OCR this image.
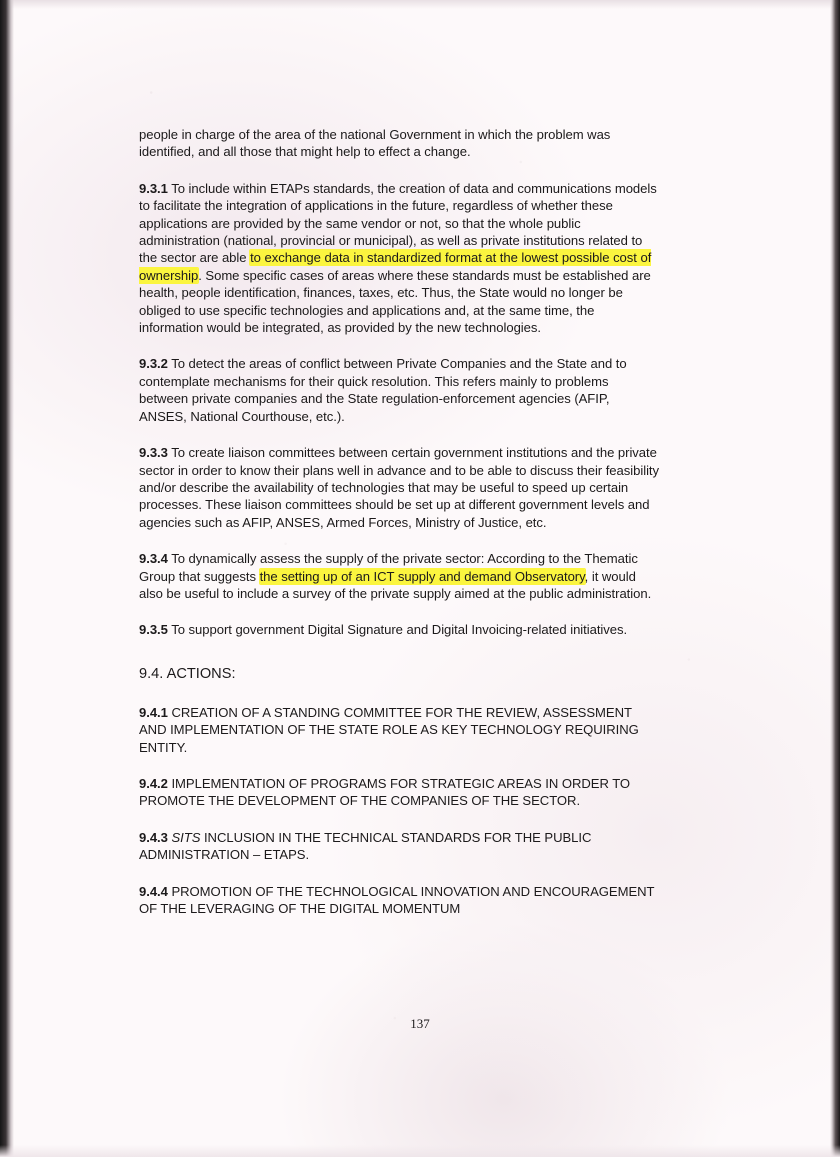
people in charge of the area of the national Government in which the problem was identified, and all those that might help to effect a change.

9.3.1 To include within ETAPs standards, the creation of data and communications models to facilitate the integration of applications in the future, regardless of whether these applications are provided by the same vendor or not, so that the whole public administration (national, provincial or municipal), as well as private institutions related to the sector are able to exchange data in standardized format at the lowest possible cost of ownership. Some specific cases of areas where these standards must be established are health, people identification, finances, taxes, etc. Thus, the State would no longer be obliged to use specific technologies and applications and, at the same time, the information would be integrated, as provided by the new technologies.

9.3.2 To detect the areas of conflict between Private Companies and the State and to contemplate mechanisms for their quick resolution. This refers mainly to problems between private companies and the State regulation-enforcement agencies (AFIP, ANSES, National Courthouse, etc.).

9.3.3 To create liaison committees between certain government institutions and the private sector in order to know their plans well in advance and to be able to discuss their feasibility and/or describe the availability of technologies that may be useful to speed up certain processes. These liaison committees should be set up at different government levels and agencies such as AFIP, ANSES, Armed Forces, Ministry of Justice, etc.

9.3.4 To dynamically assess the supply of the private sector: According to the Thematic Group that suggests the setting up of an ICT supply and demand Observatory, it would also be useful to include a survey of the private supply aimed at the public administration.

9.3.5 To support government Digital Signature and Digital Invoicing-related initiatives.

9.4. ACTIONS:

9.4.1 CREATION OF A STANDING COMMITTEE FOR THE REVIEW, ASSESSMENT AND IMPLEMENTATION OF THE STATE ROLE AS KEY TECHNOLOGY REQUIRING ENTITY.

9.4.2 IMPLEMENTATION OF PROGRAMS FOR STRATEGIC AREAS IN ORDER TO PROMOTE THE DEVELOPMENT OF THE COMPANIES OF THE SECTOR.

9.4.3 SITS INCLUSION IN THE TECHNICAL STANDARDS FOR THE PUBLIC ADMINISTRATION – ETAPS.

9.4.4 PROMOTION OF THE TECHNOLOGICAL INNOVATION AND ENCOURAGEMENT OF THE LEVERAGING OF THE DIGITAL MOMENTUM

137
